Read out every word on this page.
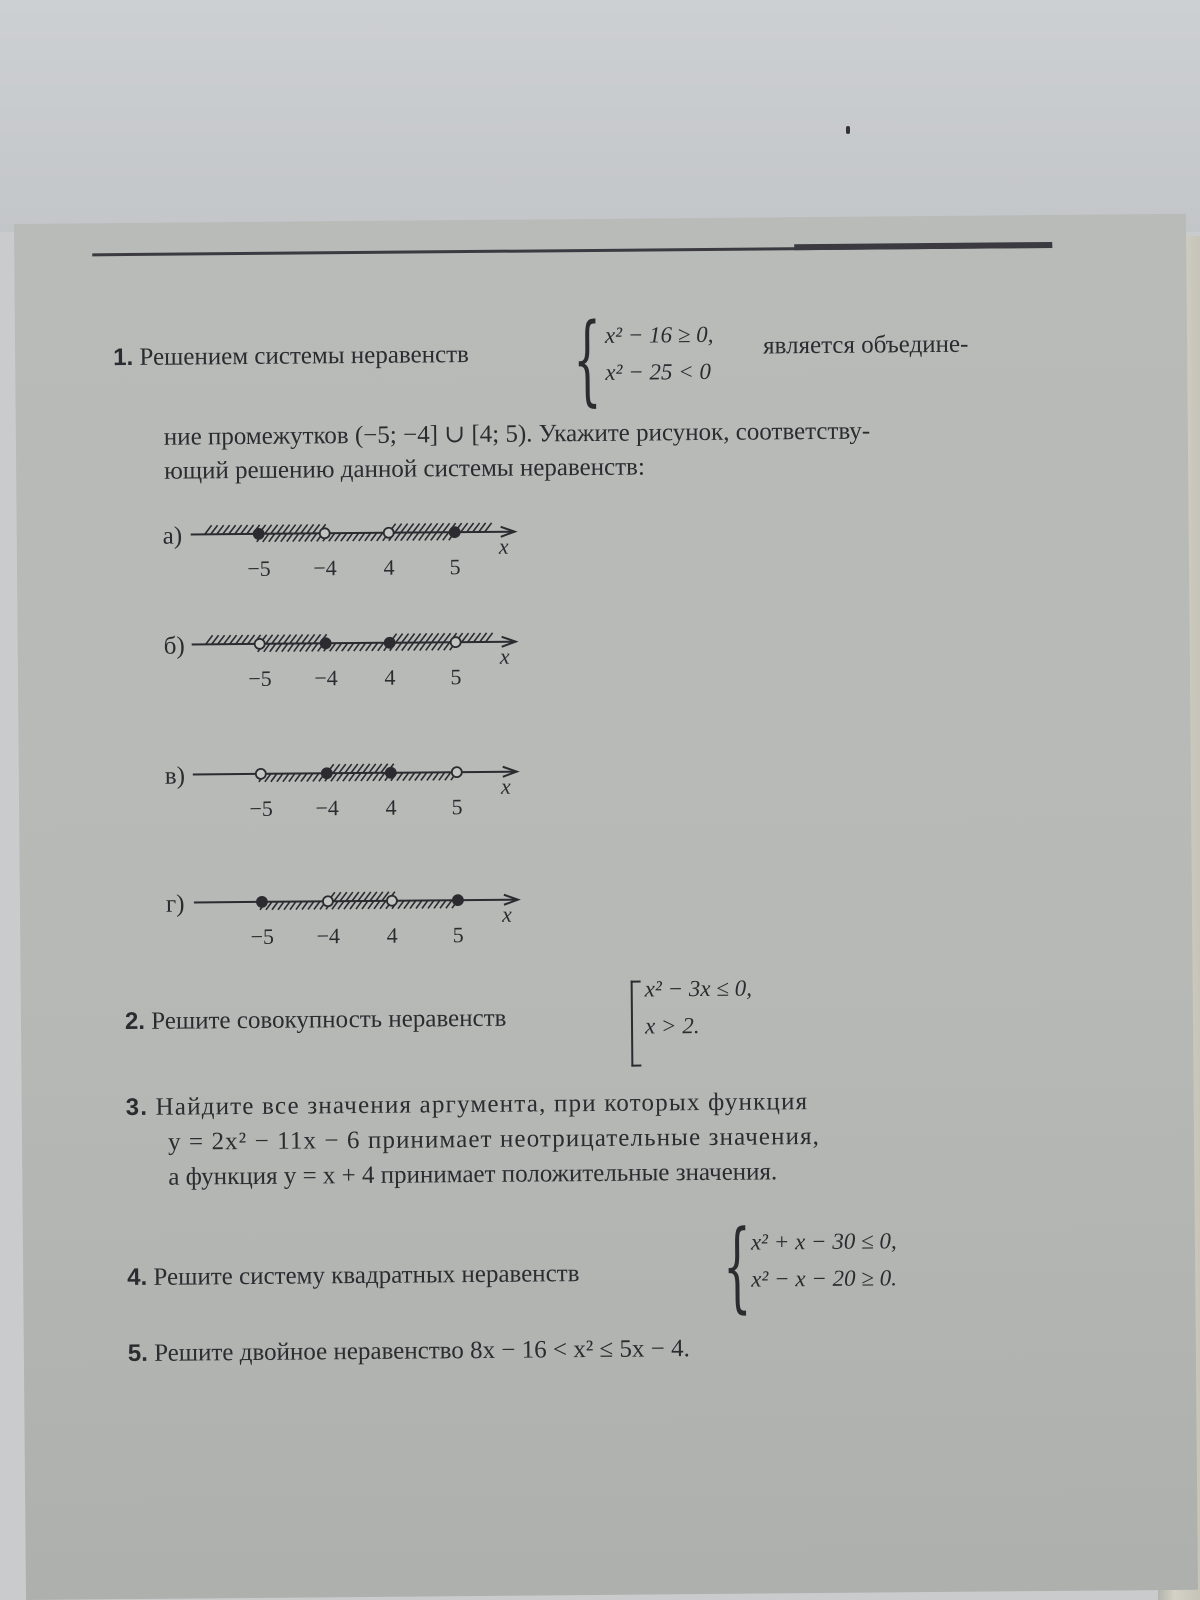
1. Решением системы неравенств { x² − 16 ≥ 0,
x² − 25 < 0
является объедине-
ние промежутков (−5; −4] ∪ [4; 5). Укажите рисунок, соответству-
ющий решению данной системы неравенств:
а)
−5 −4 4 5
x
б)
−5 −4 4 5
x
в)
−5 −4 4 5
x
г)
−5 −4 4 5
x
2. Решите совокупность неравенств
x² − 3x ≤ 0,
x > 2.
3. Найдите все значения аргумента, при которых функция
y = 2x² − 11x − 6 принимает неотрицательные значения,
а функция y = x + 4 принимает положительные значения.
4. Решите систему квадратных неравенств { x² + x − 30 ≤ 0,
x² − x − 20 ≥ 0.
5. Решите двойное неравенство 8x − 16 < x² ≤ 5x − 4.
